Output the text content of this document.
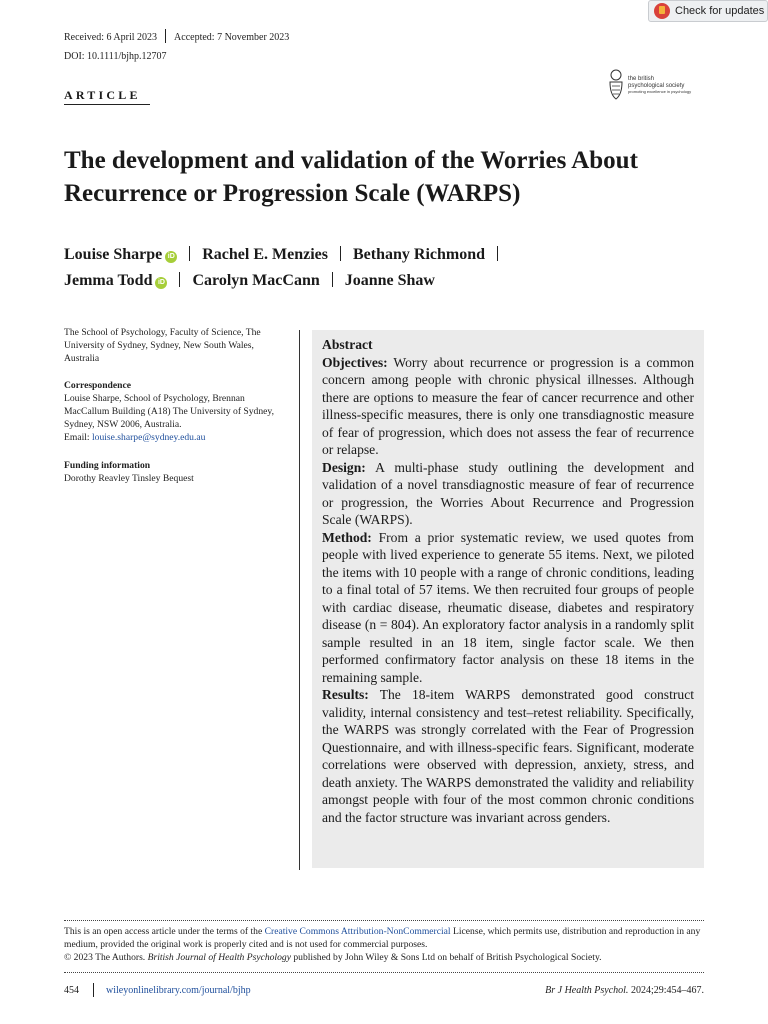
Check for updates
Received: 6 April 2023 Accepted: 7 November 2023
DOI: 10.1111/bjhp.12707
the british
psychological society
promoting excellence in psychology
ARTICLE
The development and validation of the Worries About Recurrence or Progression Scale (WARPS)
Louise Sharpe iD Rachel E. Menzies Bethany Richmond
Jemma Todd iD Carolyn MacCann Joanne Shaw
The School of Psychology, Faculty of Science, The University of Sydney, Sydney, New South Wales, Australia
Correspondence
Louise Sharpe, School of Psychology, Brennan MacCallum Building (A18) The University of Sydney, Sydney, NSW 2006, Australia.
Email: louise.sharpe@sydney.edu.au
Funding information
Dorothy Reavley Tinsley Bequest
Abstract

Objectives: Worry about recurrence or progression is a common concern among people with chronic physical illnesses. Although there are options to measure the fear of cancer recurrence and other illness-specific measures, there is only one transdiagnostic measure of fear of progression, which does not assess the fear of recurrence or relapse.

Design: A multi-phase study outlining the development and validation of a novel transdiagnostic measure of fear of recurrence or progression, the Worries About Recurrence and Progression Scale (WARPS).

Method: From a prior systematic review, we used quotes from people with lived experience to generate 55 items. Next, we piloted the items with 10 people with a range of chronic conditions, leading to a final total of 57 items. We then recruited four groups of people with cardiac disease, rheumatic disease, diabetes and respiratory disease (n = 804). An exploratory factor analysis in a randomly split sample resulted in an 18 item, single factor scale. We then performed confirmatory factor analysis on these 18 items in the remaining sample.

Results: The 18-item WARPS demonstrated good construct validity, internal consistency and test–retest reliability. Specifically, the WARPS was strongly correlated with the Fear of Progression Questionnaire, and with illness-specific fears. Significant, moderate correlations were observed with depression, anxiety, stress, and death anxiety. The WARPS demonstrated the validity and reliability amongst people with four of the most common chronic conditions and the factor structure was invariant across genders.

This is an open access article under the terms of the Creative Commons Attribution-NonCommercial License, which permits use, distribution and reproduction in any medium, provided the original work is properly cited and is not used for commercial purposes.
© 2023 The Authors. British Journal of Health Psychology published by John Wiley & Sons Ltd on behalf of British Psychological Society.
454	wileyonlinelibrary.com/journal/bjhp	Br J Health Psychol. 2024;29:454–467.
